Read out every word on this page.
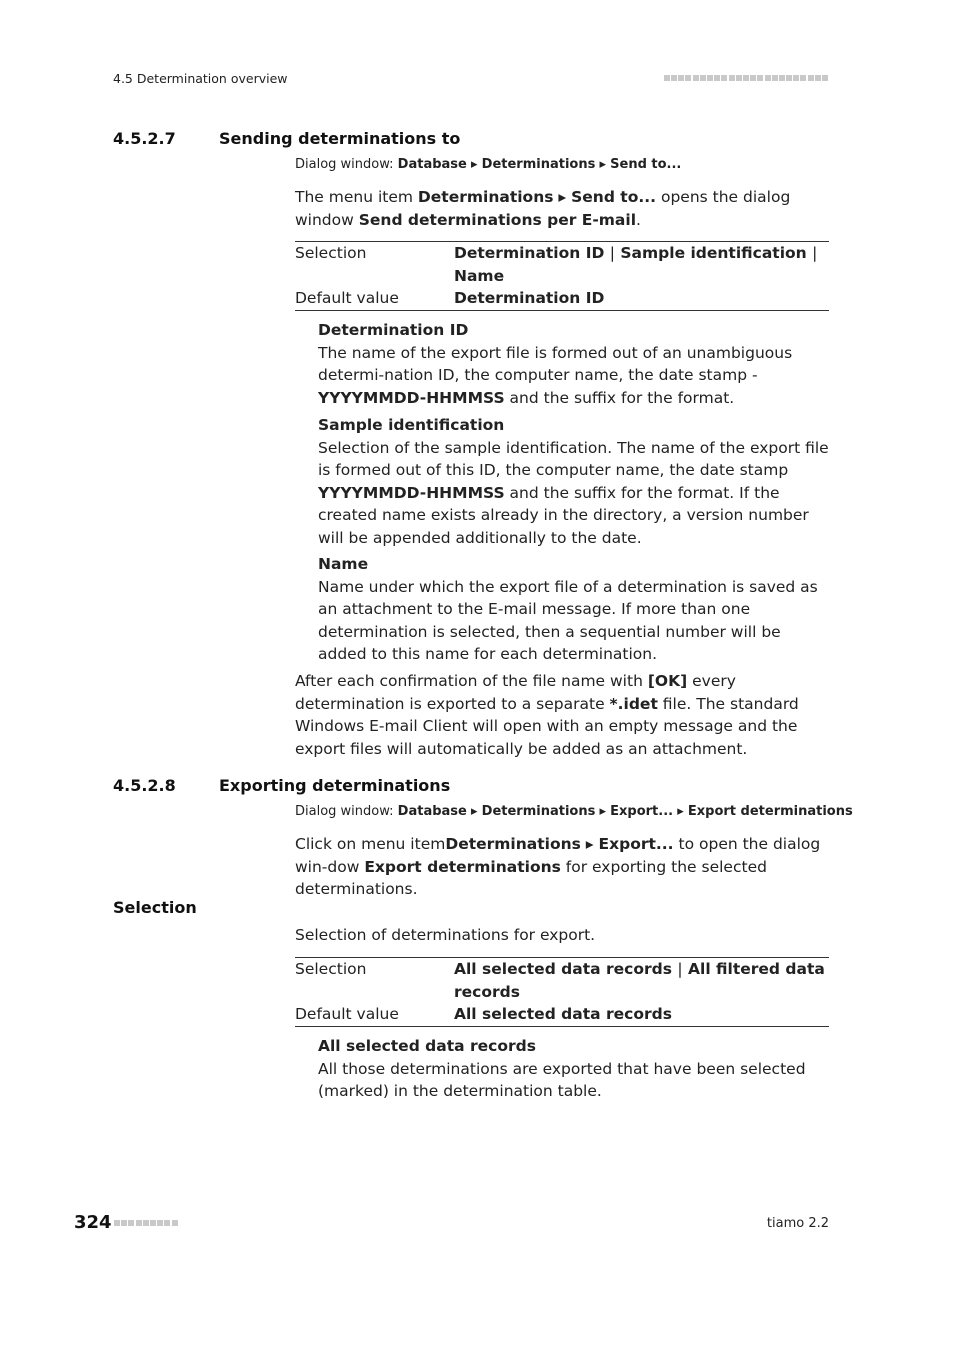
4.5 Determination overview
4.5.2.7	Sending determinations to
Dialog window: Database ▸ Determinations ▸ Send to...
The menu item Determinations ▸ Send to... opens the dialog window Send determinations per E-mail.
Selection	Determination ID | Sample identification | Name
Default value	Determination ID
Determination ID
The name of the export file is formed out of an unambiguous determi-nation ID, the computer name, the date stamp -YYYYMMDD-HHMMSS and the suffix for the format.
Sample identification
Selection of the sample identification. The name of the export file is formed out of this ID, the computer name, the date stamp YYYYMMDD-HHMMSS and the suffix for the format. If the created name exists already in the directory, a version number will be appended additionally to the date.
Name
Name under which the export file of a determination is saved as an attachment to the E-mail message. If more than one determination is selected, then a sequential number will be added to this name for each determination.
After each confirmation of the file name with [OK] every determination is exported to a separate *.idet file. The standard Windows E-mail Client will open with an empty message and the export files will automatically be added as an attachment.
4.5.2.8	Exporting determinations
Dialog window: Database ▸ Determinations ▸ Export... ▸ Export determinations
Click on menu itemDeterminations ▸ Export... to open the dialog win-dow Export determinations for exporting the selected determinations.
Selection
Selection of determinations for export.
Selection	All selected data records | All filtered data records
Default value	All selected data records
All selected data records
All those determinations are exported that have been selected (marked) in the determination table.
324	tiamo 2.2
